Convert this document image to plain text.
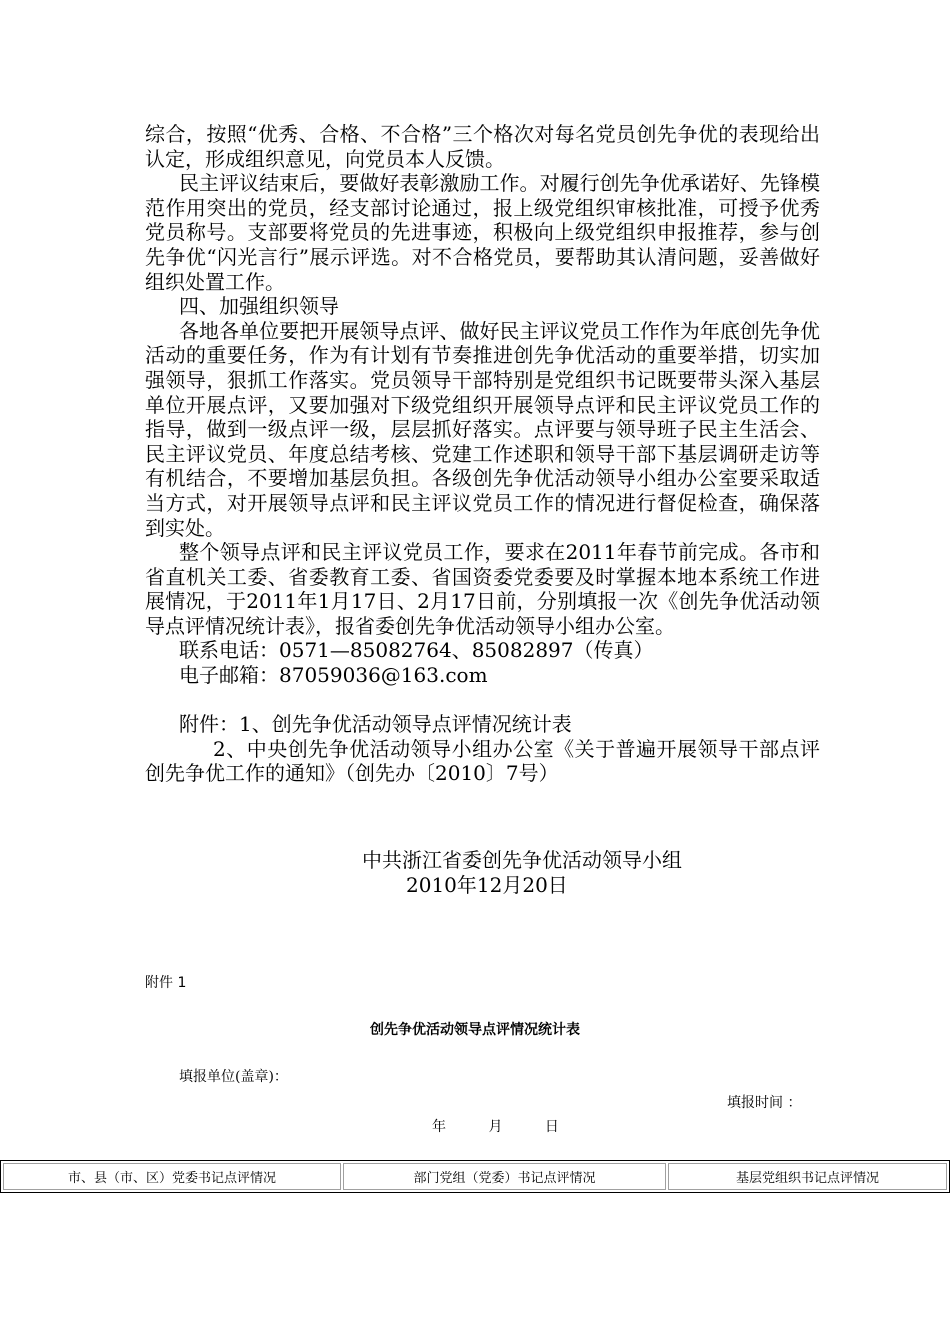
综合，按照“优秀、合格、不合格”三个格次对每名党员创先争优的表现给出认定，形成组织意见，向党员本人反馈。

民主评议结束后，要做好表彰激励工作。对履行创先争优承诺好、先锋模范作用突出的党员，经支部讨论通过，报上级党组织审核批准，可授予优秀党员称号。支部要将党员的先进事迹，积极向上级党组织申报推荐，参与创先争优“闪光言行”展示评选。对不合格党员，要帮助其认清问题，妥善做好组织处置工作。

四、加强组织领导

各地各单位要把开展领导点评、做好民主评议党员工作作为年底创先争优活动的重要任务，作为有计划有节奏推进创先争优活动的重要举措，切实加强领导，狠抓工作落实。党员领导干部特别是党组织书记既要带头深入基层单位开展点评，又要加强对下级党组织开展领导点评和民主评议党员工作的指导，做到一级点评一级，层层抓好落实。点评要与领导班子民主生活会、民主评议党员、年度总结考核、党建工作述职和领导干部下基层调研走访等有机结合，不要增加基层负担。各级创先争优活动领导小组办公室要采取适当方式，对开展领导点评和民主评议党员工作的情况进行督促检查，确保落到实处。

整个领导点评和民主评议党员工作，要求在2011年春节前完成。各市和省直机关工委、省委教育工委、省国资委党委要及时掌握本地本系统工作进展情况，于2011年1月17日、2月17日前，分别填报一次《创先争优活动领导点评情况统计表》，报省委创先争优活动领导小组办公室。

联系电话：0571—85082764、85082897（传真）

电子邮箱：87059036@163.com

附件：1、创先争优活动领导点评情况统计表

2、中央创先争优活动领导小组办公室《关于普遍开展领导干部点评创先争优工作的通知》（创先办〔2010〕7号）

中共浙江省委创先争优活动领导小组
2010年12月20日
附件 1
创先争优活动领导点评情况统计表
填报单位(盖章)：
填报时间 ：
年	月	日
市、县（市、区）党委书记点评情况	部门党组（党委）书记点评情况	基层党组织书记点评情况
